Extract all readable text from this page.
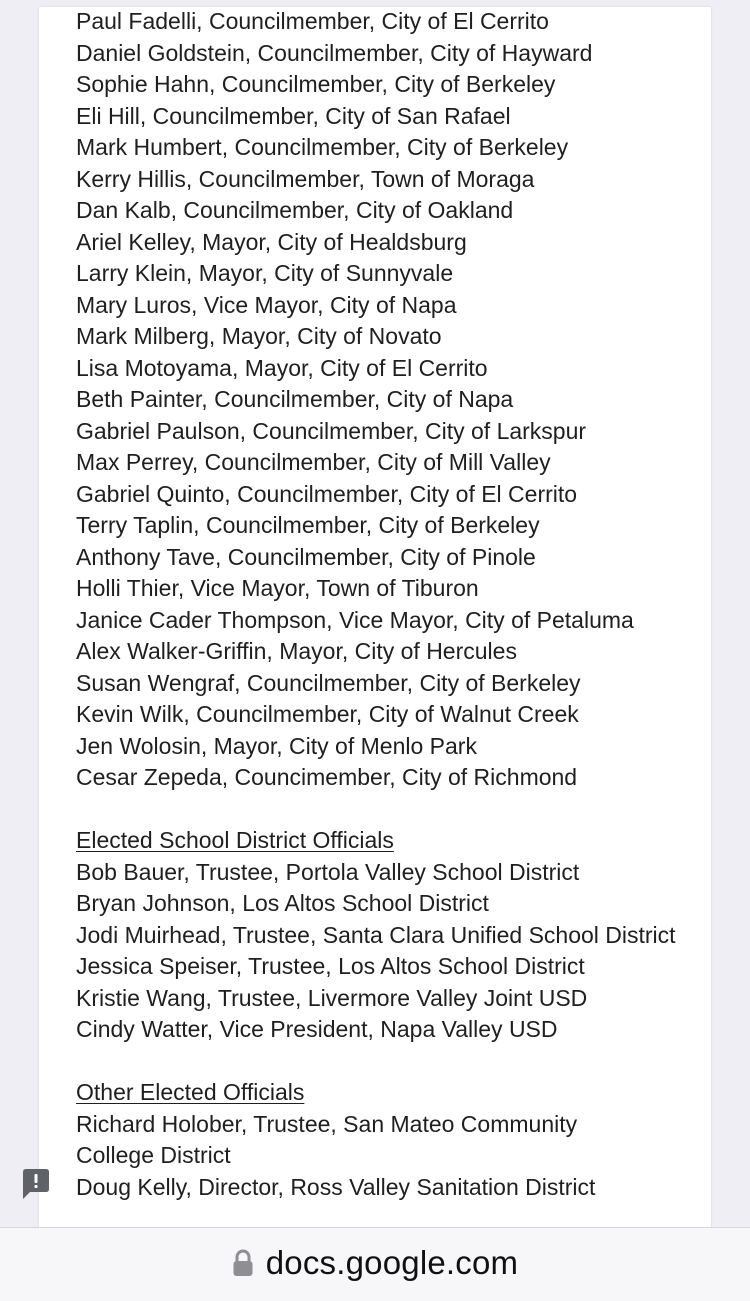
Paul Fadelli, Councilmember, City of El Cerrito

Daniel Goldstein, Councilmember, City of Hayward

Sophie Hahn, Councilmember, City of Berkeley

Eli Hill, Councilmember, City of San Rafael

Mark Humbert, Councilmember, City of Berkeley

Kerry Hillis, Councilmember, Town of Moraga

Dan Kalb, Councilmember, City of Oakland

Ariel Kelley, Mayor, City of Healdsburg

Larry Klein, Mayor, City of Sunnyvale

Mary Luros, Vice Mayor, City of Napa

Mark Milberg, Mayor, City of Novato

Lisa Motoyama, Mayor, City of El Cerrito

Beth Painter, Councilmember, City of Napa

Gabriel Paulson, Councilmember, City of Larkspur

Max Perrey, Councilmember, City of Mill Valley

Gabriel Quinto, Councilmember, City of El Cerrito

Terry Taplin, Councilmember, City of Berkeley

Anthony Tave, Councilmember, City of Pinole

Holli Thier, Vice Mayor, Town of Tiburon

Janice Cader Thompson, Vice Mayor, City of Petaluma

Alex Walker-Griffin, Mayor, City of Hercules

Susan Wengraf, Councilmember, City of Berkeley

Kevin Wilk, Councilmember, City of Walnut Creek

Jen Wolosin, Mayor, City of Menlo Park

Cesar Zepeda, Councimember, City of Richmond

Elected School District Officials

Bob Bauer, Trustee, Portola Valley School District

Bryan Johnson, Los Altos School District

Jodi Muirhead, Trustee, Santa Clara Unified School District

Jessica Speiser, Trustee, Los Altos School District

Kristie Wang, Trustee, Livermore Valley Joint USD

Cindy Watter, Vice President, Napa Valley USD

Other Elected Officials

Richard Holober, Trustee, San Mateo Community College District

Doug Kelly, Director, Ross Valley Sanitation District

docs.google.com
